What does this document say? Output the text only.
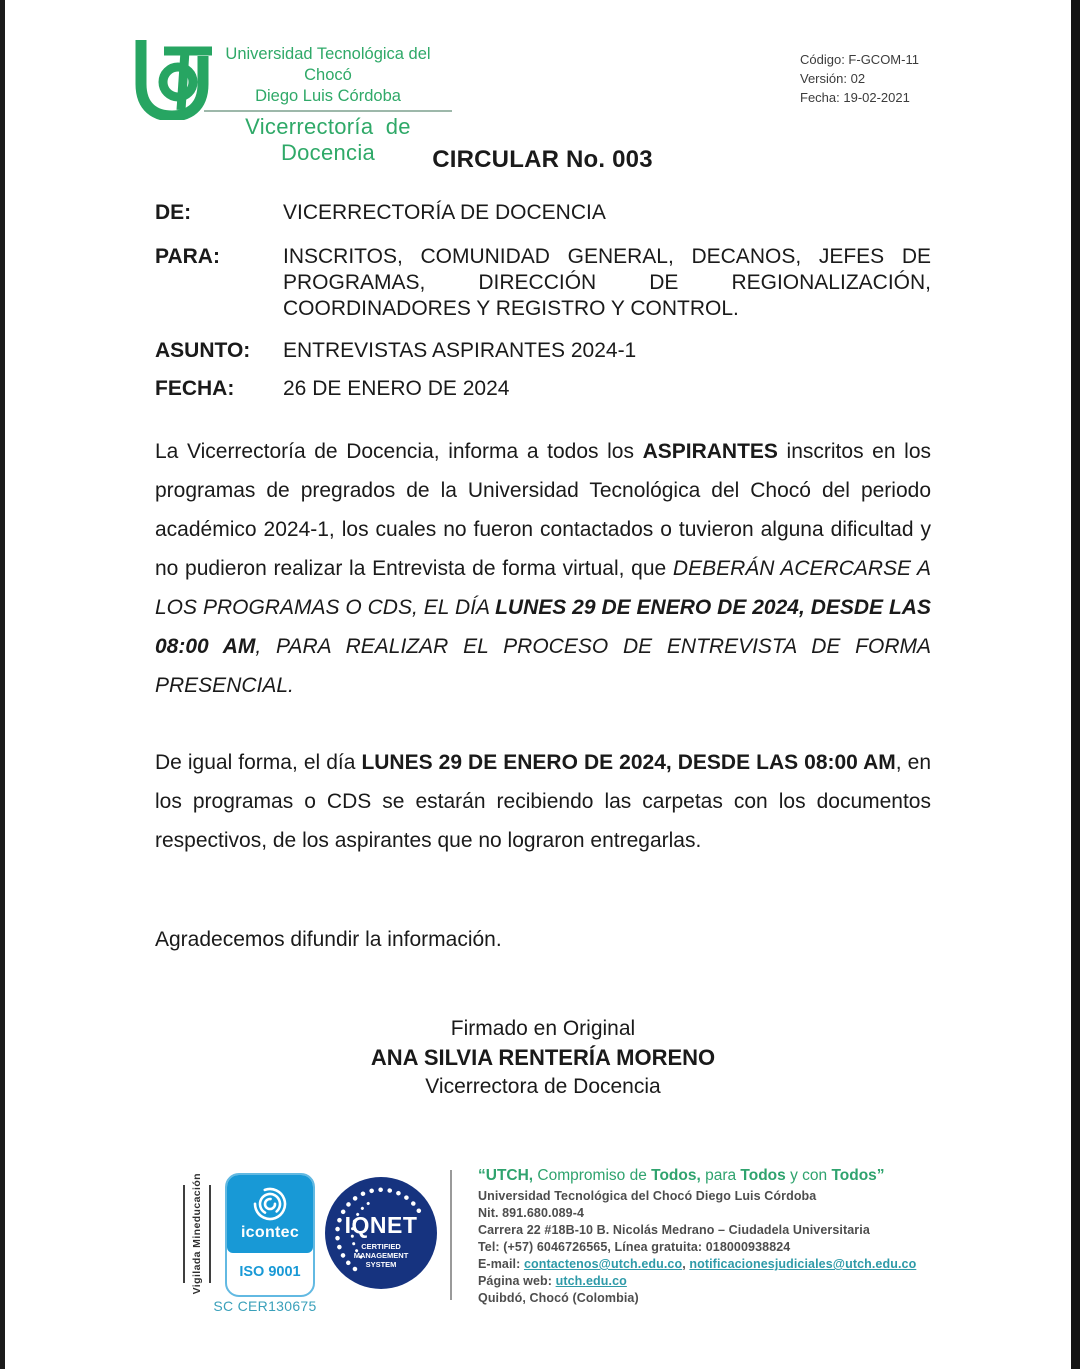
Universidad Tecnológica del Chocó
Diego Luis Córdoba
Vicerrectoría de Docencia
Código: F-GCOM-11
Versión: 02
Fecha: 19-02-2021
CIRCULAR No. 003
DE:	VICERRECTORÍA DE DOCENCIA
PARA:	INSCRITOS, COMUNIDAD GENERAL, DECANOS, JEFES DE PROGRAMAS, DIRECCIÓN DE REGIONALIZACIÓN, COORDINADORES Y REGISTRO Y CONTROL.
ASUNTO:	ENTREVISTAS ASPIRANTES 2024-1
FECHA:	26 DE ENERO DE 2024

La Vicerrectoría de Docencia, informa a todos los ASPIRANTES inscritos en los programas de pregrados de la Universidad Tecnológica del Chocó del periodo académico 2024-1, los cuales no fueron contactados o tuvieron alguna dificultad y no pudieron realizar la Entrevista de forma virtual, que DEBERÁN ACERCARSE A LOS PROGRAMAS O CDS, EL DÍA LUNES 29 DE ENERO DE 2024, DESDE LAS 08:00 AM, PARA REALIZAR EL PROCESO DE ENTREVISTA DE FORMA PRESENCIAL.

De igual forma, el día LUNES 29 DE ENERO DE 2024, DESDE LAS 08:00 AM, en los programas o CDS se estarán recibiendo las carpetas con los documentos respectivos, de los aspirantes que no lograron entregarlas.

Agradecemos difundir la información.

Firmado en Original
ANA SILVIA RENTERÍA MORENO
Vicerrectora de Docencia
Vigilada Mineducación icontec
ISO 9001
SC CER130675
IQNET
CERTIFIED
MANAGEMENT
SYSTEM
“UTCH, Compromiso de Todos, para Todos y con Todos”
Universidad Tecnológica del Chocó Diego Luis Córdoba
Nit. 891.680.089-4
Carrera 22 #18B-10 B. Nicolás Medrano – Ciudadela Universitaria
Tel: (+57) 6046726565, Línea gratuita: 018000938824
E-mail: contactenos@utch.edu.co, notificacionesjudiciales@utch.edu.co
Página web: utch.edu.co
Quibdó, Chocó (Colombia)
